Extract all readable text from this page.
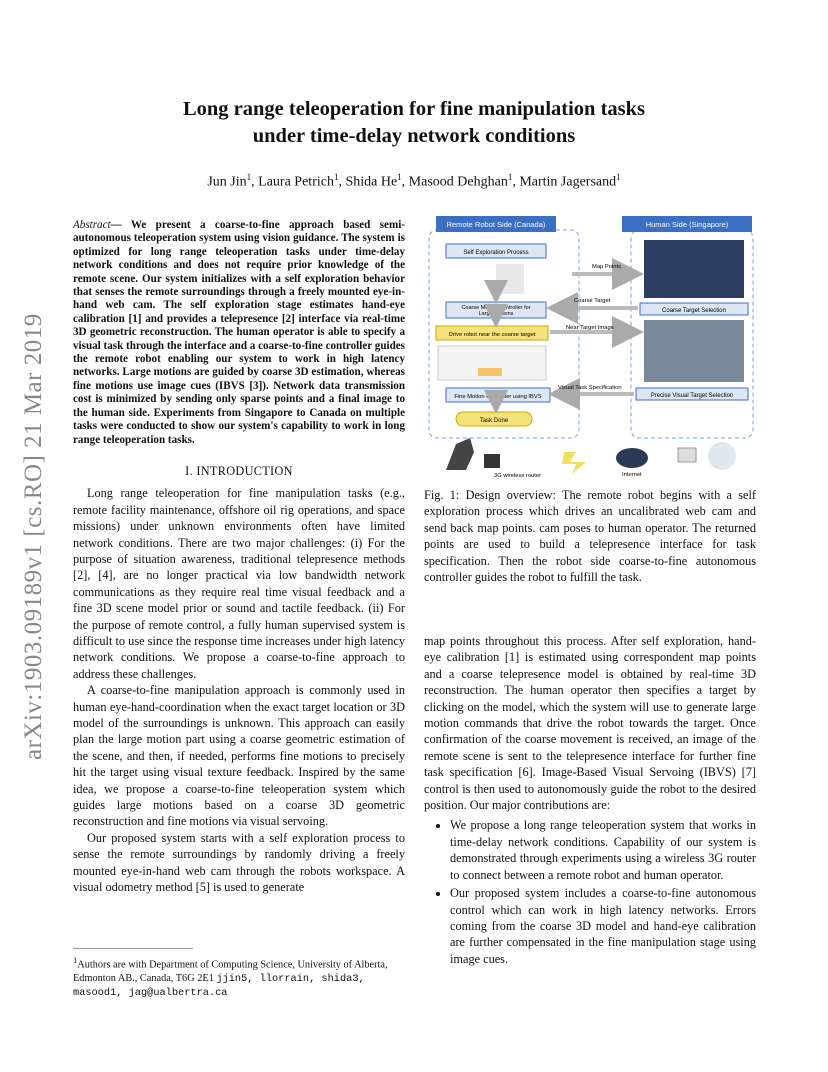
arXiv:1903.09189v1 [cs.RO] 21 Mar 2019
Long range teleoperation for fine manipulation tasks
under time-delay network conditions
Jun Jin$^1$, Laura Petrich$^1$, Shida He$^1$, Masood Dehghan$^1$, Martin Jagersand$^1$

Abstract— We present a coarse-to-fine approach based semi-autonomous teleoperation system using vision guidance. The system is optimized for long range teleoperation tasks under time-delay network conditions and does not require prior knowledge of the remote scene. Our system initializes with a self exploration behavior that senses the remote surroundings through a freely mounted eye-in-hand web cam. The self exploration stage estimates hand-eye calibration [1] and provides a telepresence [2] interface via real-time 3D geometric reconstruction. The human operator is able to specify a visual task through the interface and a coarse-to-fine controller guides the remote robot enabling our system to work in high latency networks. Large motions are guided by coarse 3D estimation, whereas fine motions use image cues (IBVS [3]). Network data transmission cost is minimized by sending only sparse points and a final image to the human side. Experiments from Singapore to Canada on multiple tasks were conducted to show our system's capability to work in long range teleoperation tasks.

I. INTRODUCTION

Long range teleoperation for fine manipulation tasks (e.g., remote facility maintenance, offshore oil rig operations, and space missions) under unknown environments often have limited network conditions. There are two major challenges: (i) For the purpose of situation awareness, traditional telepresence methods [2], [4], are no longer practical via low bandwidth network communications as they require real time visual feedback and a fine 3D scene model prior or sound and tactile feedback. (ii) For the purpose of remote control, a fully human supervised system is difficult to use since the response time increases under high latency network conditions. We propose a coarse-to-fine approach to address these challenges.

A coarse-to-fine manipulation approach is commonly used in human eye-hand-coordination when the exact target location or 3D model of the surroundings is unknown. This approach can easily plan the large motion part using a coarse geometric estimation of the scene, and then, if needed, performs fine motions to precisely hit the target using visual texture feedback. Inspired by the same idea, we propose a coarse-to-fine teleoperation system which guides large motions based on a coarse 3D geometric reconstruction and fine motions via visual servoing.

Our proposed system starts with a self exploration process to sense the remote surroundings by randomly driving a freely mounted eye-in-hand web cam through the robots workspace. A visual odometry method [5] is used to generate

$^1$Authors are with Department of Computing Science, University of Alberta, Edmonton AB., Canada, T6G 2E1 jjin5, llorrain, shida3, masood1, jag@ualbertra.ca
Remote Robot Side (Canada)	Human Side (Singapore)
Self Exploration Process
Coarse Motion Controller for Large Motions
Drive robot near the coarse target
Fine Motion Controller using IBVS
Task Done
Coarse Target Selection
Precise Visual Target Selection
Map Points
Coarse Target
Near Target Image
Visual Task Specification
3G wireless router	Internet
Fig. 1: Design overview: The remote robot begins with a self exploration process which drives an uncalibrated web cam and send back map points. cam poses to human operator. The returned points are used to build a telepresence interface for task specification. Then the robot side coarse-to-fine autonomous controller guides the robot to fulfill the task.

map points throughout this process. After self exploration, hand-eye calibration [1] is estimated using correspondent map points and a coarse telepresence model is obtained by real-time 3D reconstruction. The human operator then specifies a target by clicking on the model, which the system will use to generate large motion commands that drive the robot towards the target. Once confirmation of the coarse movement is received, an image of the remote scene is sent to the telepresence interface for further fine task specification [6]. Image-Based Visual Servoing (IBVS) [7] control is then used to autonomously guide the robot to the desired position. Our major contributions are:

• We propose a long range teleoperation system that works in time-delay network conditions. Capability of our system is demonstrated through experiments using a wireless 3G router to connect between a remote robot and human operator.
• Our proposed system includes a coarse-to-fine autonomous control which can work in high latency networks. Errors coming from the coarse 3D model and hand-eye calibration are further compensated in the fine manipulation stage using image cues.
